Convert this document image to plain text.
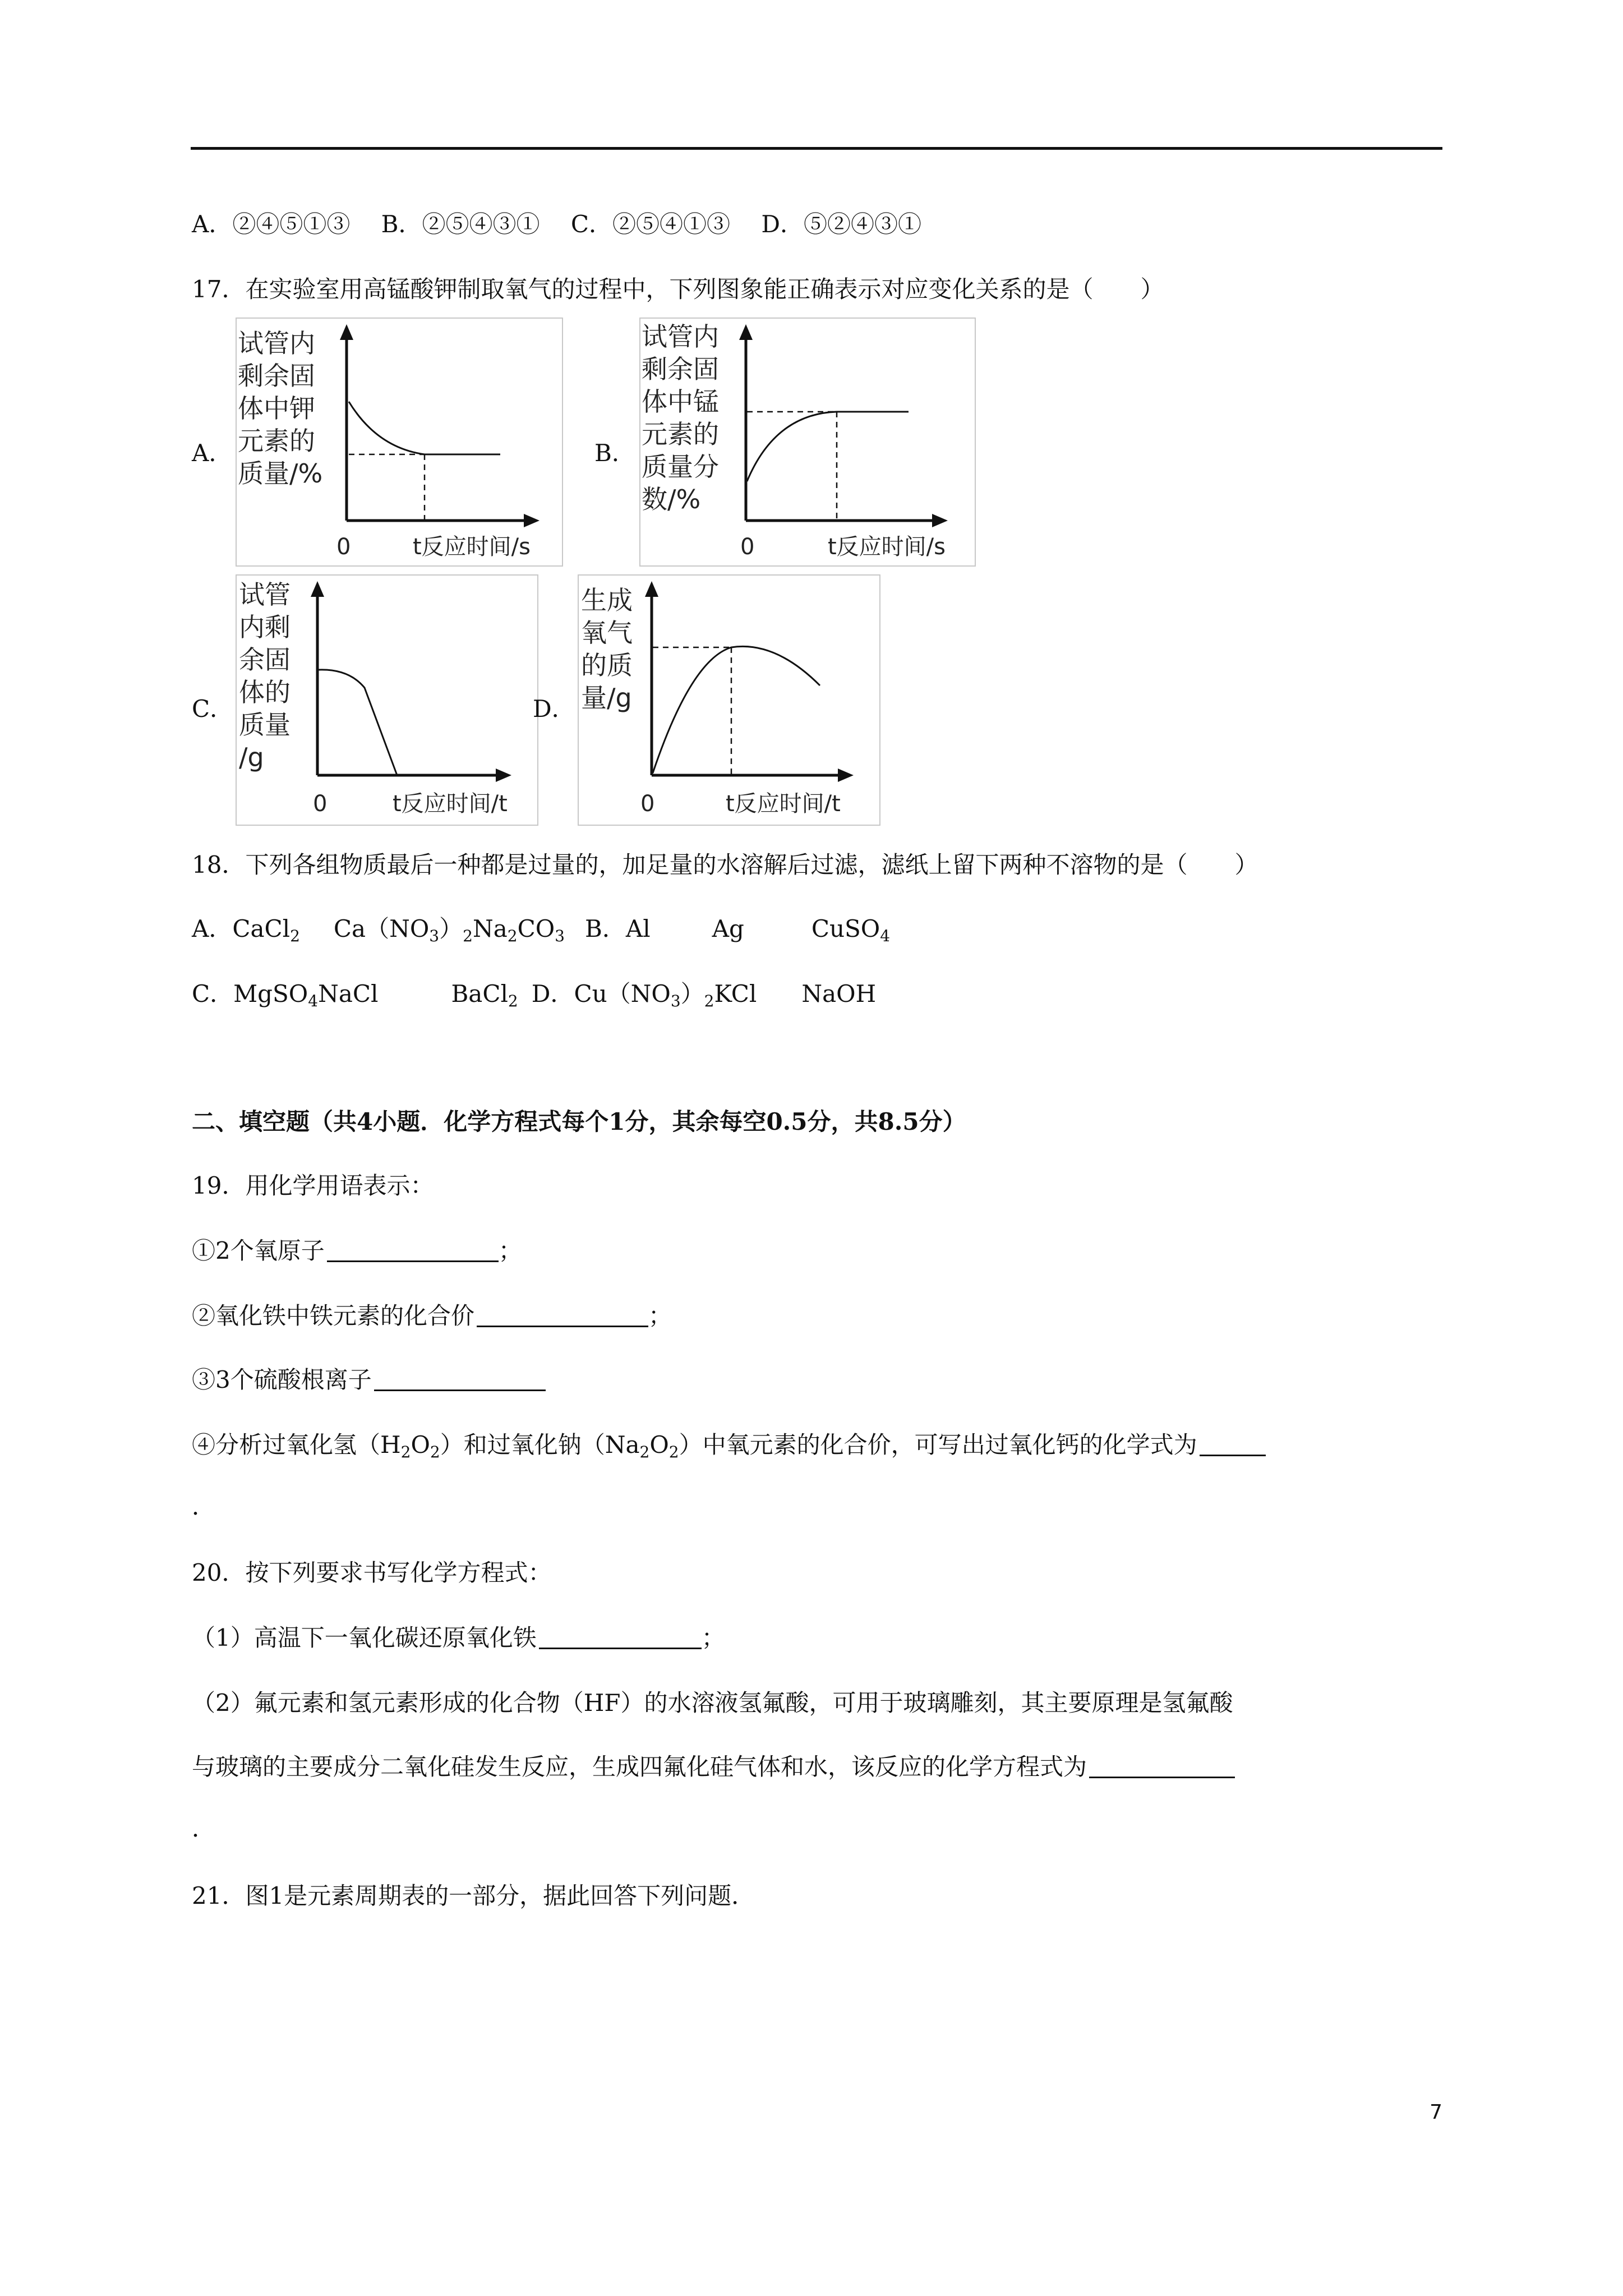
A．②④⑤①③　 B．②⑤④③①　 C．②⑤④①③　 D．⑤②④③①
17．在实验室用高锰酸钾制取氧气的过程中，下列图象能正确表示对应变化关系的是（　　）
A．
试管内
剩余固
体中钾
元素的
质量/%
0	t反应时间/s
B．
试管内
剩余固
体中锰
元素的
质量分
数/%
0	t反应时间/s
C．
试管
内剩
余固
体的
质量
/g
0	t反应时间/t
D．
生成
氧气
的质
量/g
0	t反应时间/t
18．下列各组物质最后一种都是过量的，加足量的水溶解后过滤，滤纸上留下两种不溶物的是（　　）
A．CaCl$_2$ $Ca(NO_3)_2Na_2CO_3$ B．Al	Ag	CuSO$_4$
C．MgSO$_4$NaCl	BaCl$_2$ D．$Cu(NO_3)_2KCl$ NaOH
二、填空题（共4小题．化学方程式每个1分，其余每空0.5分，共8.5分）
19．用化学用语表示：
①2个氧原子	；
②氧化铁中铁元素的化合价	；
③3个硫酸根离子
④分析过氧化氢$(H_2O_2)$和过氧化钠$(Na_2O_2)$中氧元素的化合价，可写出过氧化钙的化学式为
．
20．按下列要求书写化学方程式：
（1）高温下一氧化碳还原氧化铁	；
（2）氟元素和氢元素形成的化合物（HF）的水溶液氢氟酸，可用于玻璃雕刻，其主要原理是氢氟酸
与玻璃的主要成分二氧化硅发生反应，生成四氟化硅气体和水，该反应的化学方程式为
．
21．图1是元素周期表的一部分，据此回答下列问题．
7
